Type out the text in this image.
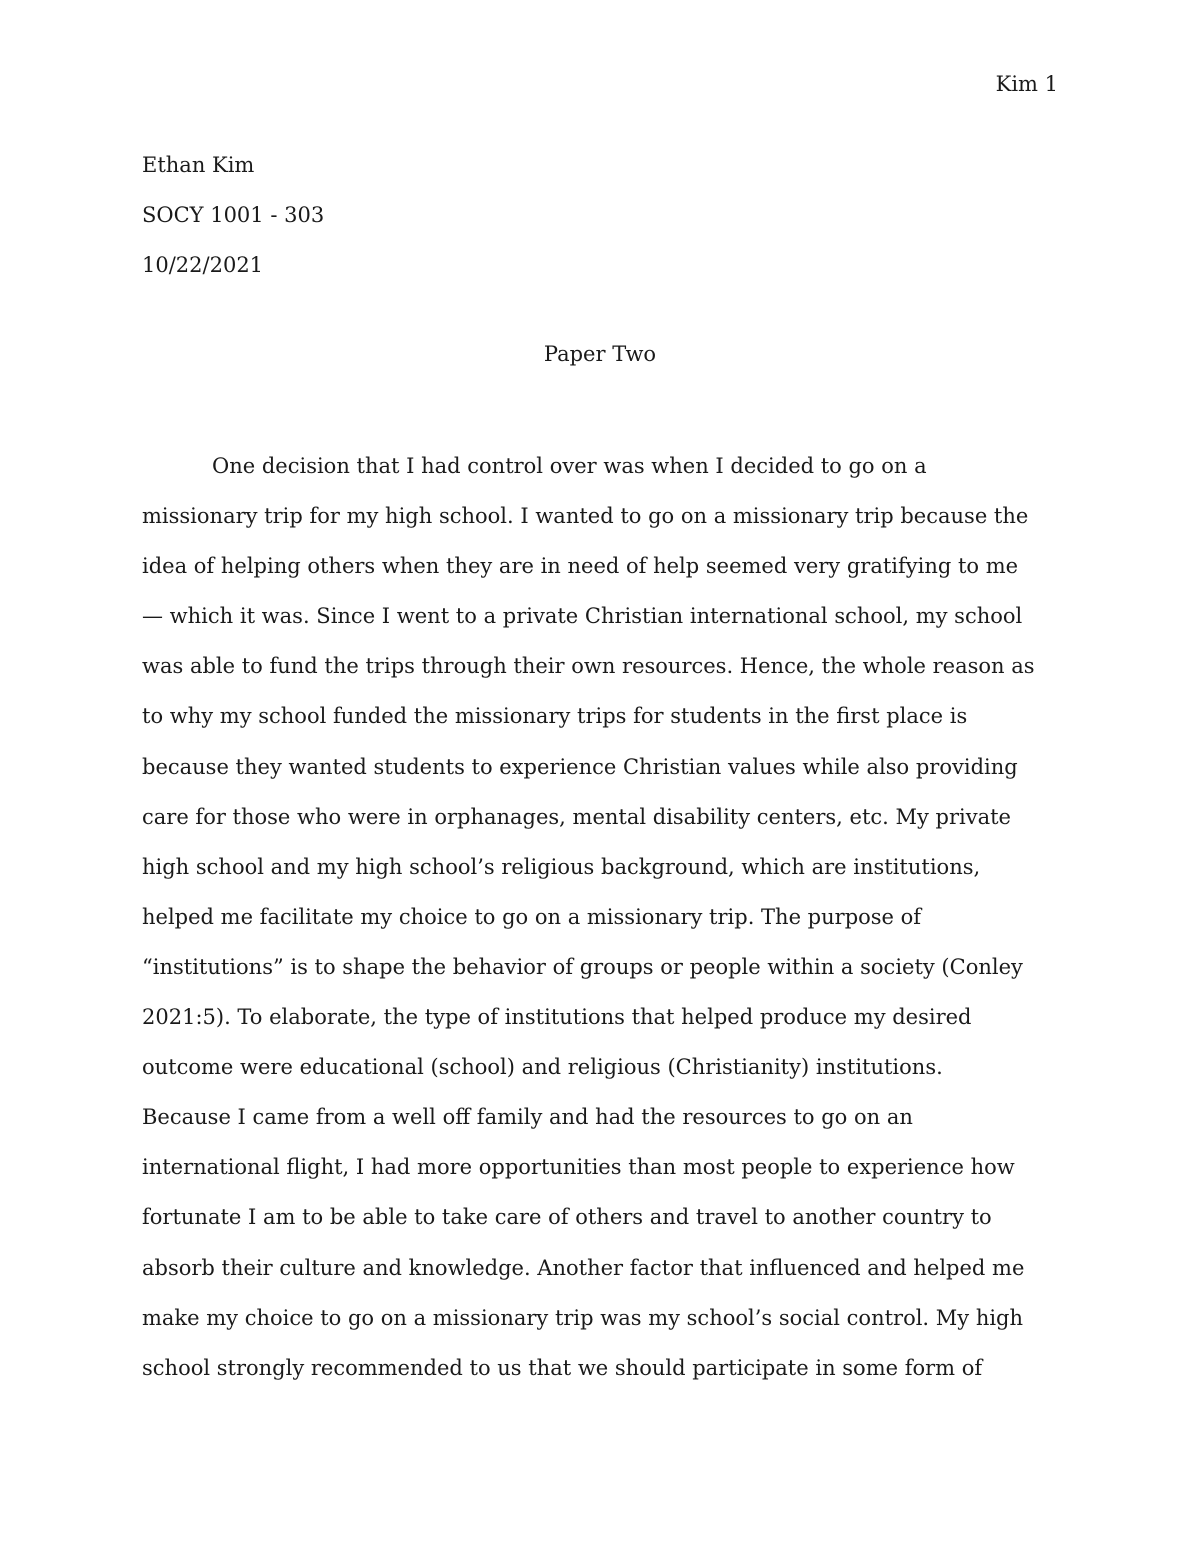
Kim 1
Ethan Kim
SOCY 1001 - 303
10/22/2021
Paper Two
One decision that I had control over was when I decided to go on a
missionary trip for my high school. I wanted to go on a missionary trip because the
idea of helping others when they are in need of help seemed very gratifying to me
— which it was. Since I went to a private Christian international school, my school
was able to fund the trips through their own resources. Hence, the whole reason as
to why my school funded the missionary trips for students in the first place is
because they wanted students to experience Christian values while also providing
care for those who were in orphanages, mental disability centers, etc. My private
high school and my high school’s religious background, which are institutions,
helped me facilitate my choice to go on a missionary trip. The purpose of
“institutions” is to shape the behavior of groups or people within a society (Conley
2021:5). To elaborate, the type of institutions that helped produce my desired
outcome were educational (school) and religious (Christianity) institutions.
Because I came from a well off family and had the resources to go on an
international flight, I had more opportunities than most people to experience how
fortunate I am to be able to take care of others and travel to another country to
absorb their culture and knowledge. Another factor that influenced and helped me
make my choice to go on a missionary trip was my school’s social control. My high
school strongly recommended to us that we should participate in some form of
